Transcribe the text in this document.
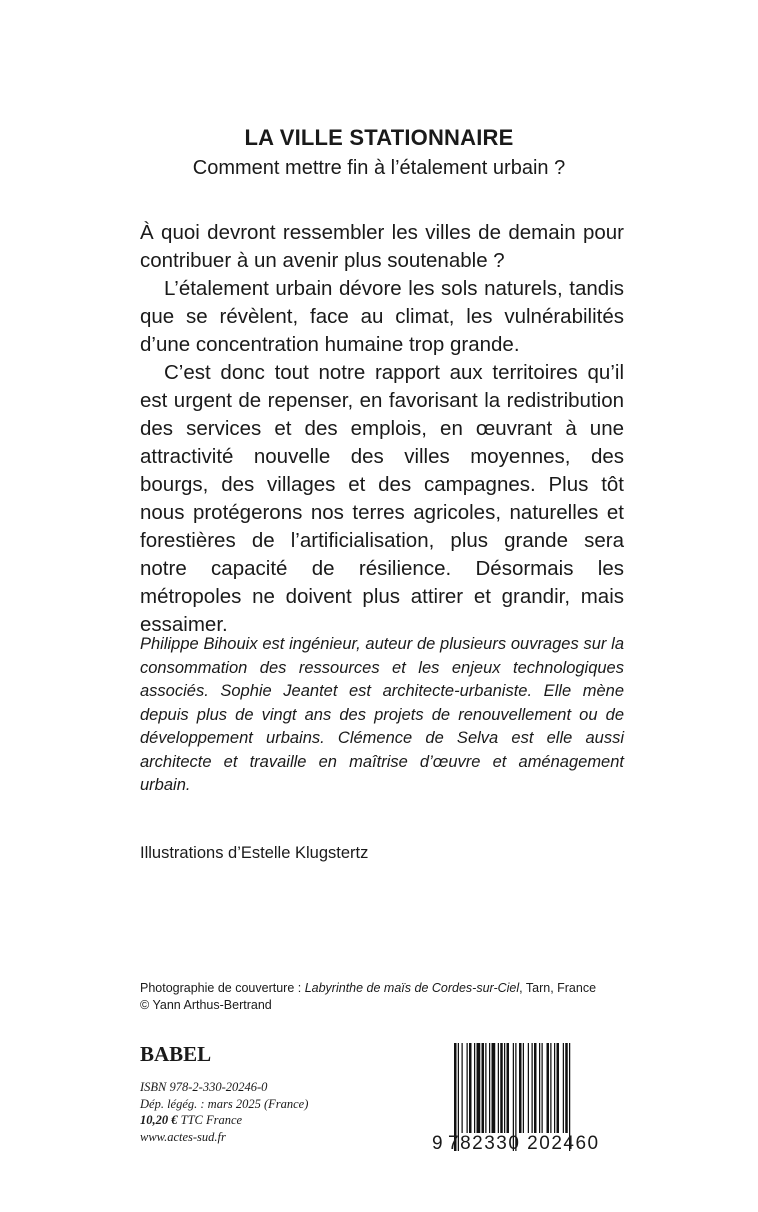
LA VILLE STATIONNAIRE
Comment mettre fin à l’étalement urbain ?

À quoi devront ressembler les villes de demain pour contribuer à un avenir plus soutenable ?

L’étalement urbain dévore les sols naturels, tandis que se révèlent, face au climat, les vulnérabilités d’une concentration humaine trop grande.

C’est donc tout notre rapport aux territoires qu’il est urgent de repenser, en favorisant la redistribution des services et des emplois, en œuvrant à une attractivité nouvelle des villes moyennes, des bourgs, des villages et des campagnes. Plus tôt nous protégerons nos terres agricoles, naturelles et forestières de l’artificialisation, plus grande sera notre capacité de résilience. Désormais les métropoles ne doivent plus attirer et grandir, mais essaimer.

Philippe Bihouix est ingénieur, auteur de plusieurs ouvrages sur la consommation des ressources et les enjeux technologiques associés. Sophie Jeantet est architecte-urbaniste. Elle mène depuis plus de vingt ans des projets de renouvellement ou de développement urbains. Clémence de Selva est elle aussi architecte et travaille en maîtrise d’œuvre et aménagement urbain.

Illustrations d’Estelle Klugstertz
Photographie de couverture : Labyrinthe de maïs de Cordes-sur-Ciel, Tarn, France
© Yann Arthus-Bertrand
BABEL
ISBN 978-2-330-20246-0
Dép. légég. : mars 2025 (France)
10,20 € TTC France
www.actes-sud.fr	9 782330 202460
